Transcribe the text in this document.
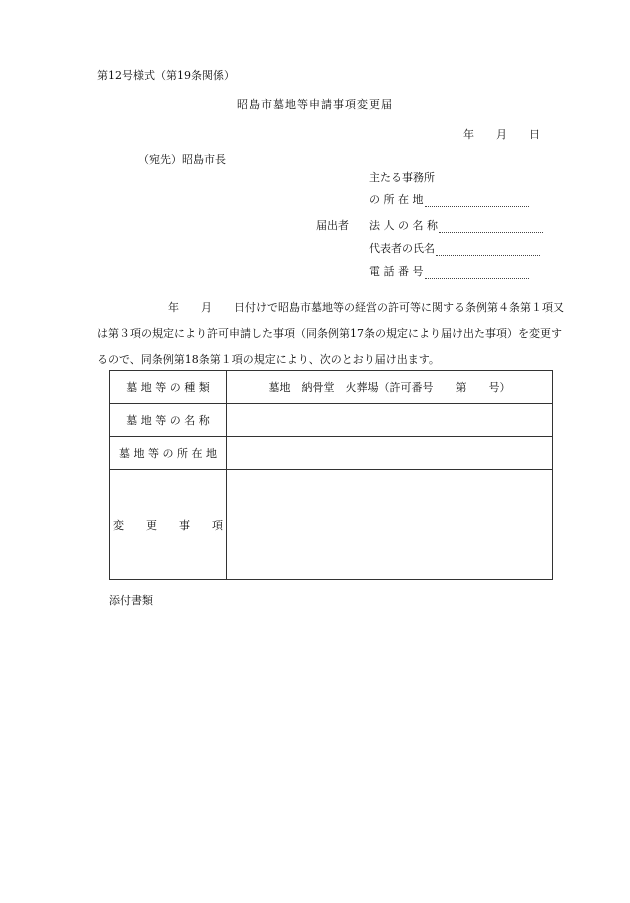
第12号様式（第19条関係）
昭島市墓地等申請事項変更届
年 月 日
（宛先）昭島市長
主たる事務所
の 所 在 地
届出者 法 人 の 名 称
代表者の氏名
電 話 番 号
年 月 日付けで昭島市墓地等の経営の許可等に関する条例第４条第１項又は第３項の規定により許可申請した事項（同条例第17条の規定により届け出た事項）を変更するので、同条例第18条第１項の規定により、次のとおり届け出ます。
墓 地 等 の 種 類	墓地　納骨堂　火葬場（許可番号　　第　　号）
墓 地 等 の 名 称	
墓 地 等 の 所 在 地	
変　　更　　事　　項	
添付書類
